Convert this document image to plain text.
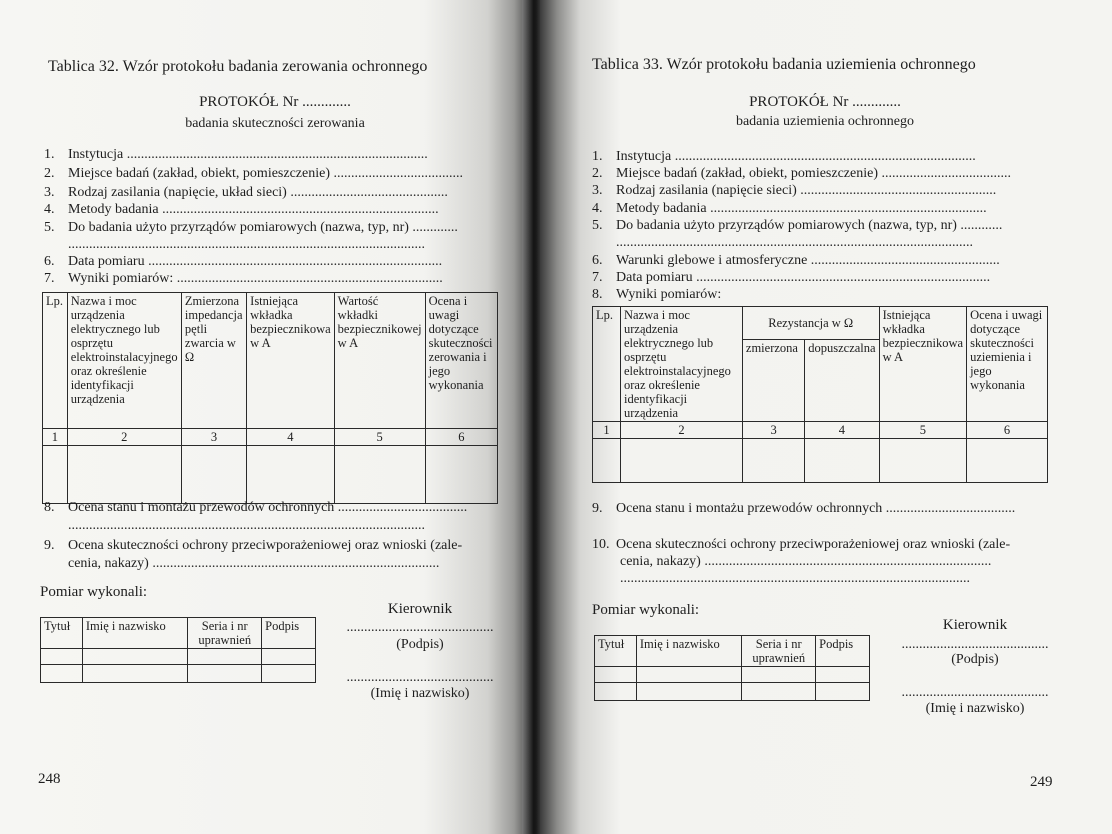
Tablica 32. Wzór protokołu badania zerowania ochronnego
PROTOKÓŁ Nr .............
badania skuteczności zerowania
1. Instytucja ......................................................................................
2. Miejsce badań (zakład, obiekt, pomieszczenie) .....................................
3. Rodzaj zasilania (napięcie, układ sieci) .............................................
4. Metody badania ...............................................................................
5. Do badania użyto przyrządów pomiarowych (nazwa, typ, nr) .............
......................................................................................................
6. Data pomiaru ....................................................................................
7. Wyniki pomiarów: ............................................................................
Lp.	Nazwa i moc urządzenia elektrycznego lub osprzętu elektroinstalacyjnego oraz określenie identyfikacji urządzenia	Zmierzona impedancja pętli zwarcia w Ω	Istniejąca wkładka bezpiecznikowa w A	Wartość wkładki bezpiecznikowej w A	Ocena i uwagi dotyczące skuteczności zerowania i jego wykonania
1	2	3	4	5	6

8. Ocena stanu i montażu przewodów ochronnych .....................................
......................................................................................................
9. Ocena skuteczności ochrony przeciwporażeniowej oraz wnioski (zale-
cenia, nakazy) ..................................................................................
Pomiar wykonali:
Tytuł	Imię i nazwisko	Seria i nr uprawnień	Podpis

Kierownik
..........................................
(Podpis)
..........................................
(Imię i nazwisko)
248
Tablica 33. Wzór protokołu badania uziemienia ochronnego
PROTOKÓŁ Nr .............
badania uziemienia ochronnego
1. Instytucja ......................................................................................
2. Miejsce badań (zakład, obiekt, pomieszczenie) .....................................
3. Rodzaj zasilania (napięcie sieci) ........................................................
4. Metody badania ...............................................................................
5. Do badania użyto przyrządów pomiarowych (nazwa, typ, nr) ............
......................................................................................................
6. Warunki glebowe i atmosferyczne ......................................................
7. Data pomiaru ....................................................................................
8. Wyniki pomiarów:
Lp.	Nazwa i moc urządzenia elektrycznego lub osprzętu elektroinstalacyjnego oraz określenie identyfikacji urządzenia	Rezystancja w Ω		Istniejąca wkładka bezpiecznikowa w A	Ocena i uwagi dotyczące skuteczności uziemienia i jego wykonania
		zmierzona	dopuszczalna		
1	2	3	4	5	6

9. Ocena stanu i montażu przewodów ochronnych .....................................
10. Ocena skuteczności ochrony przeciwporażeniowej oraz wnioski (zale-
cenia, nakazy) ..................................................................................
....................................................................................................
Pomiar wykonali:
Tytuł	Imię i nazwisko	Seria i nr uprawnień	Podpis

Kierownik
..........................................
(Podpis)
..........................................
(Imię i nazwisko)
249
